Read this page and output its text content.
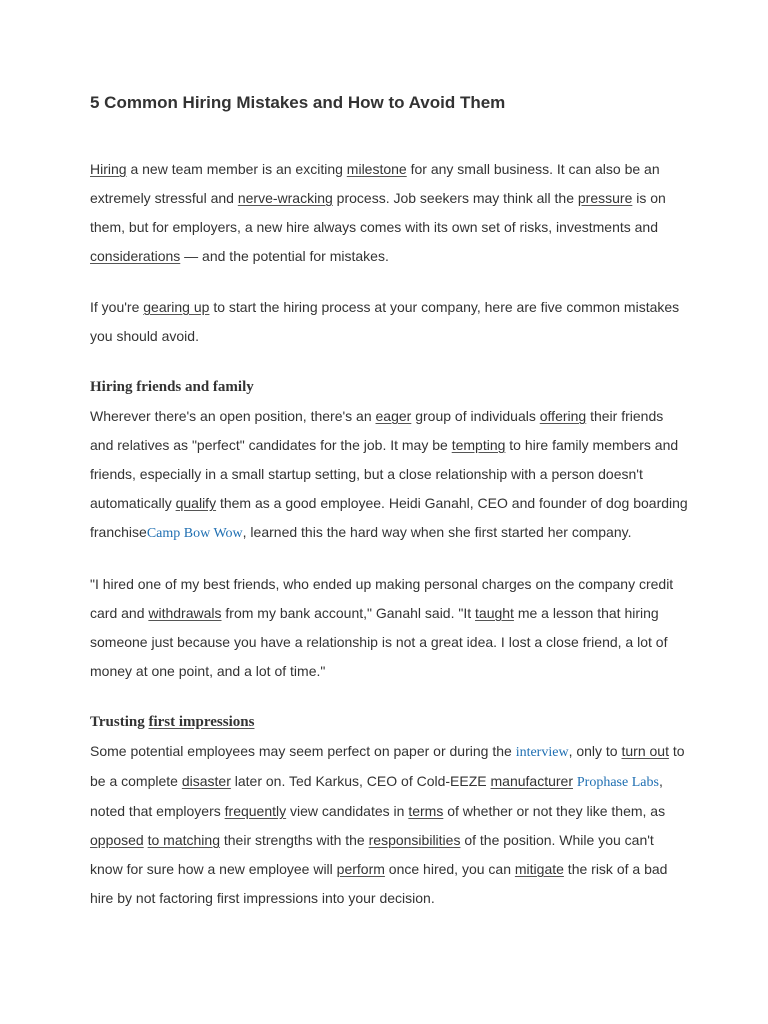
5 Common Hiring Mistakes and How to Avoid Them

Hiring a new team member is an exciting milestone for any small business. It can also be an extremely stressful and nerve-wracking process. Job seekers may think all the pressure is on them, but for employers, a new hire always comes with its own set of risks, investments and considerations — and the potential for mistakes.

If you're gearing up to start the hiring process at your company, here are five common mistakes you should avoid.

Hiring friends and family

Wherever there's an open position, there's an eager group of individuals offering their friends and relatives as "perfect" candidates for the job. It may be tempting to hire family members and friends, especially in a small startup setting, but a close relationship with a person doesn't automatically qualify them as a good employee. Heidi Ganahl, CEO and founder of dog boarding franchiseCamp Bow Wow, learned this the hard way when she first started her company.

"I hired one of my best friends, who ended up making personal charges on the company credit card and withdrawals from my bank account," Ganahl said. "It taught me a lesson that hiring someone just because you have a relationship is not a great idea. I lost a close friend, a lot of money at one point, and a lot of time."

Trusting first impressions

Some potential employees may seem perfect on paper or during the interview, only to turn out to be a complete disaster later on. Ted Karkus, CEO of Cold-EEZE manufacturer Prophase Labs, noted that employers frequently view candidates in terms of whether or not they like them, as opposed to matching their strengths with the responsibilities of the position. While you can't know for sure how a new employee will perform once hired, you can mitigate the risk of a bad hire by not factoring first impressions into your decision.
